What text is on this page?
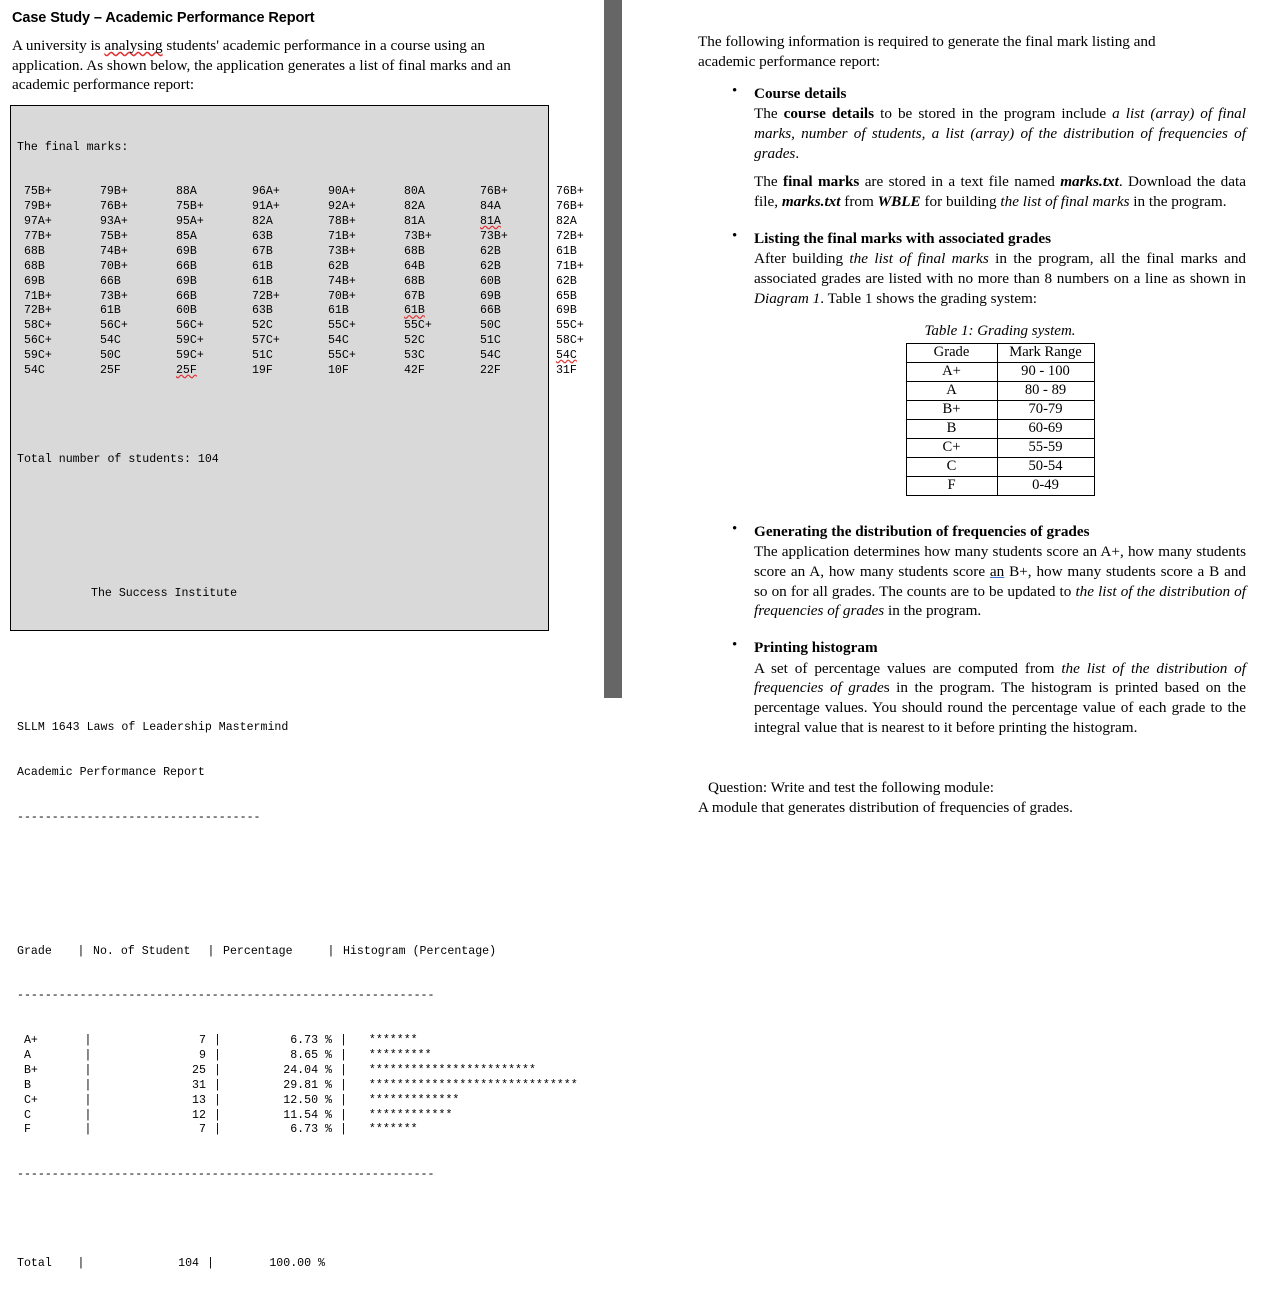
Case Study – Academic Performance Report

A university is analysing students' academic performance in a course using an application. As shown below, the application generates a list of final marks and an academic performance report:

The final marks:

75B+	79B+	88A	96A+	90A+	80A	76B+	76B+
79B+	76B+	75B+	91A+	92A+	82A	84A	76B+
97A+	93A+	95A+	82A	78B+	81A	81A	82A
77B+	75B+	85A	63B	71B+	73B+	73B+	72B+
68B	74B+	69B	67B	73B+	68B	62B	61B
68B	70B+	66B	61B	62B	64B	62B	71B+
69B	66B	69B	61B	74B+	68B	60B	62B
71B+	73B+	66B	72B+	70B+	67B	69B	65B
72B+	61B	60B	63B	61B	61B	66B	69B
58C+	56C+	56C+	52C	55C+	55C+	50C	55C+
56C+	54C	59C+	57C+	54C	52C	51C	58C+
59C+	50C	59C+	51C	55C+	53C	54C	54C
54C	25F	25F	19F	10F	42F	22F	31F

Total number of students: 104

The Success Institute

SLLM 1643 Laws of Leadership Mastermind

Academic Performance Report

-----------------------------------

Grade | No. of Student | Percentage	| Histogram (Percentage)

------------------------------------------------------------

A+	|	7 |	6.73 % | *******
A	|	9 |	8.65 % | *********
B+	|	25 |	24.04 % | ************************
B	|	31 |	29.81 % | ******************************
C+	|	13 |	12.50 % | *************
C	|	12 |	11.54 % | ************
F	|	7 |	6.73 % | *******

------------------------------------------------------------

Total |	104 |	100.00 %

The following information is required to generate the final mark listing and academic performance report:

• Course details
The course details to be stored in the program include a list (array) of final marks, number of students, a list (array) of the distribution of frequencies of grades.
The final marks are stored in a text file named marks.txt. Download the data file, marks.txt from WBLE for building the list of final marks in the program.
• Listing the final marks with associated grades
After building the list of final marks in the program, all the final marks and associated grades are listed with no more than 8 numbers on a line as shown in Diagram 1. Table 1 shows the grading system:
Table 1: Grading system.
Grade	Mark Range
A+	90 - 100
A	80 - 89
B+	70-79
B	60-69
C+	55-59
C	50-54
F	0-49
• Generating the distribution of frequencies of grades
The application determines how many students score an A+, how many students score an A, how many students score an B+, how many students score a B and so on for all grades. The counts are to be updated to the list of the distribution of frequencies of grades in the program.
• Printing histogram
A set of percentage values are computed from the list of the distribution of frequencies of grades in the program. The histogram is printed based on the percentage values. You should round the percentage value of each grade to the integral value that is nearest to it before printing the histogram.
Question: Write and test the following module:
A module that generates distribution of frequencies of grades.
